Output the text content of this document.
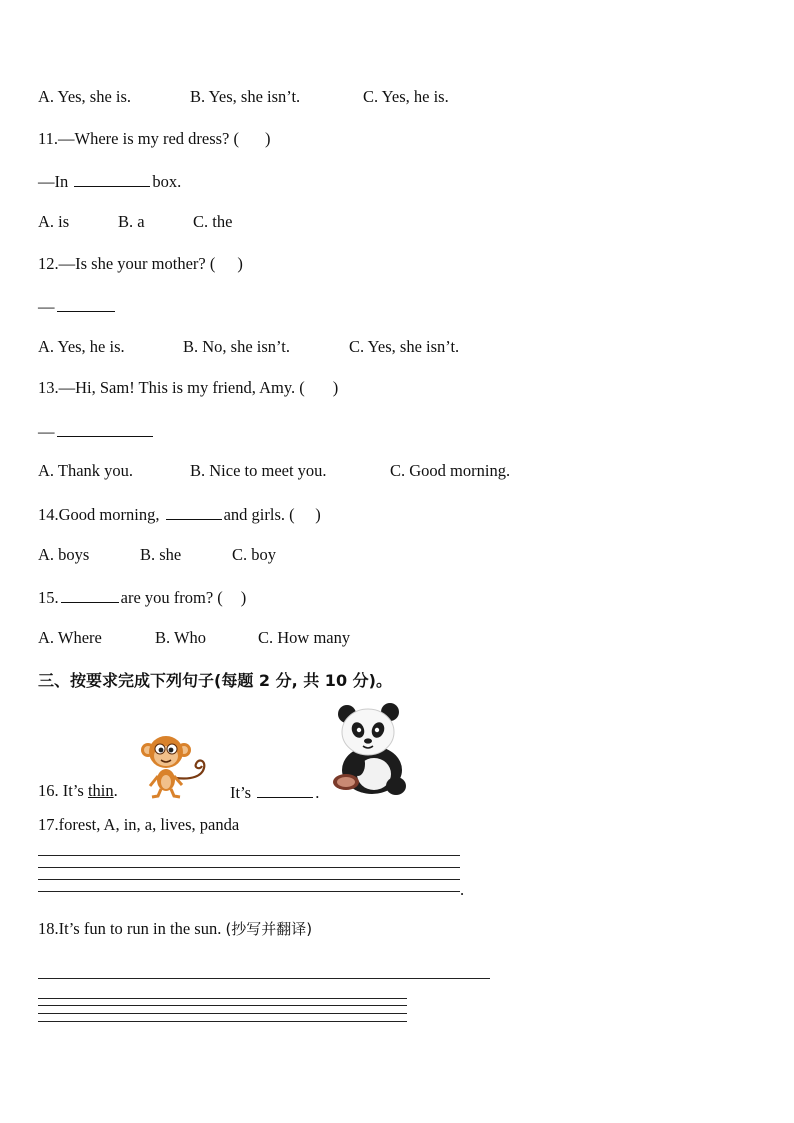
A. Yes, she is.	B. Yes, she isn’t.	C. Yes, he is.
11.—Where is my red dress? ( )
—In	box.
A. is	B. a	C. the
12.—Is she your mother? ( )
—
A. Yes, he is.	B. No, she isn’t.	C. Yes, she isn’t.
13.—Hi, Sam! This is my friend, Amy. ( )
—
A. Thank you.	B. Nice to meet you.	C. Good morning.
14.Good morning,	and girls. (     )
A. boys	B. she	C. boy
15.	are you from? ( )
A. Where	B. Who	C. How many
三、按要求完成下列句子(每题 2 分, 共 10 分)。
16. It’s thin.	It’s	.
17.forest, A, in, a, lives, panda
.
18.It’s fun to run in the sun. (抄写并翻译)
